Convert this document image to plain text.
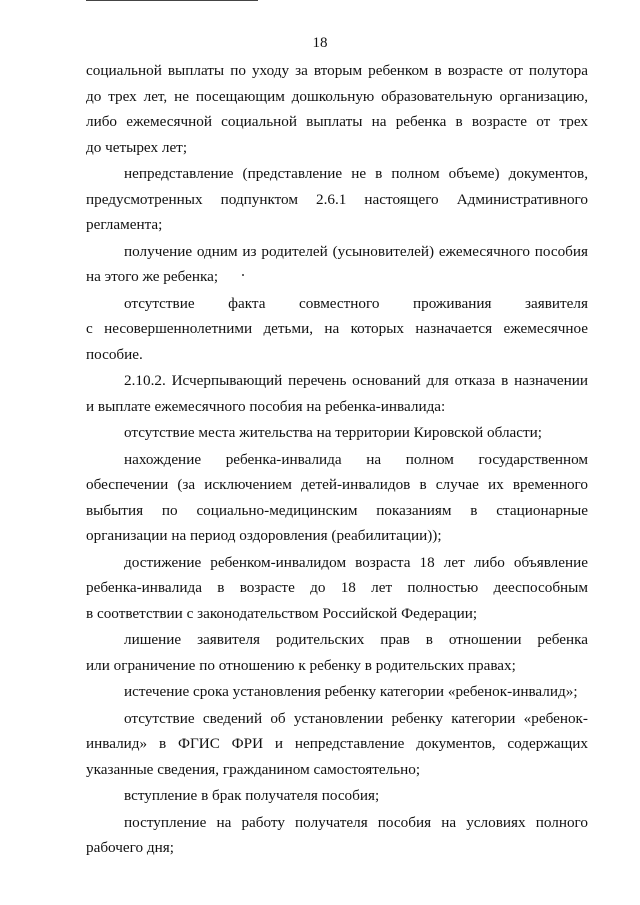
18

социальной выплаты по уходу за вторым ребенком в возрасте от полутора
до трех лет, не посещающим дошкольную образовательную организацию,
либо ежемесячной социальной выплаты на ребенка в возрасте от трех
до четырех лет;

непредставление (представление не в полном объеме) документов,
предусмотренных подпунктом 2.6.1 настоящего Административного
регламента;

получение одним из родителей (усыновителей) ежемесячного пособия
на этого же ребенка;

отсутствие факта совместного проживания заявителя
с несовершеннолетними детьми, на которых назначается ежемесячное
пособие.

2.10.2. Исчерпывающий перечень оснований для отказа в назначении
и выплате ежемесячного пособия на ребенка-инвалида:

отсутствие места жительства на территории Кировской области;

нахождение ребенка-инвалида на полном государственном
обеспечении (за исключением детей-инвалидов в случае их временного
выбытия по социально-медицинским показаниям в стационарные
организации на период оздоровления (реабилитации));

достижение ребенком-инвалидом возраста 18 лет либо объявление
ребенка-инвалида в возрасте до 18 лет полностью дееспособным
в соответствии с законодательством Российской Федерации;

лишение заявителя родительских прав в отношении ребенка
или ограничение по отношению к ребенку в родительских правах;

истечение срока установления ребенку категории «ребенок-инвалид»;

отсутствие сведений об установлении ребенку категории «ребенок-
инвалид» в ФГИС ФРИ и непредставление документов, содержащих
указанные сведения, гражданином самостоятельно;

вступление в брак получателя пособия;

поступление на работу получателя пособия на условиях полного
рабочего дня;
